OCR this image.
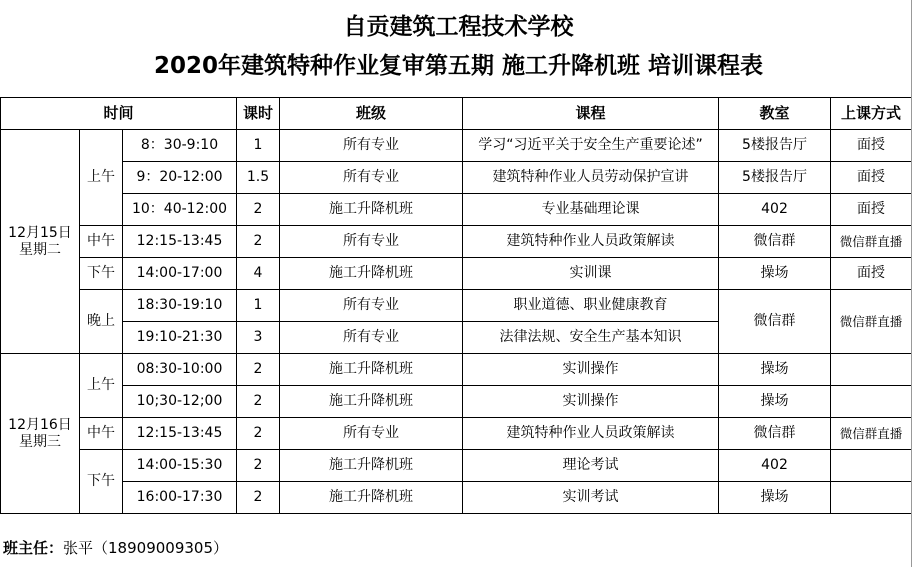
自贡建筑工程技术学校
2020年建筑特种作业复审第五期 施工升降机班 培训课程表
时间			课时	班级	课程	教室	上课方式
12月15日
星期二	上午	8：30-9:10	1	所有专业	学习“习近平关于安全生产重要论述”	5楼报告厅	面授
		9：20-12:00	1.5	所有专业	建筑特种作业人员劳动保护宣讲	5楼报告厅	面授
		10：40-12:00	2	施工升降机班	专业基础理论课	402	面授
	中午	12:15-13:45	2	所有专业	建筑特种作业人员政策解读	微信群	微信群直播
	下午	14:00-17:00	4	施工升降机班	实训课	操场	面授
	晚上	18:30-19:10	1	所有专业	职业道德、职业健康教育	微信群	微信群直播
		19:10-21:30	3	所有专业	法律法规、安全生产基本知识		
12月16日
星期三	上午	08:30-10:00	2	施工升降机班	实训操作	操场	
		10;30-12;00	2	施工升降机班	实训操作	操场	
	中午	12:15-13:45	2	所有专业	建筑特种作业人员政策解读	微信群	微信群直播
	下午	14:00-15:30	2	施工升降机班	理论考试	402	
		16:00-17:30	2	施工升降机班	实训考试	操场	
班主任：张平（18909009305）
